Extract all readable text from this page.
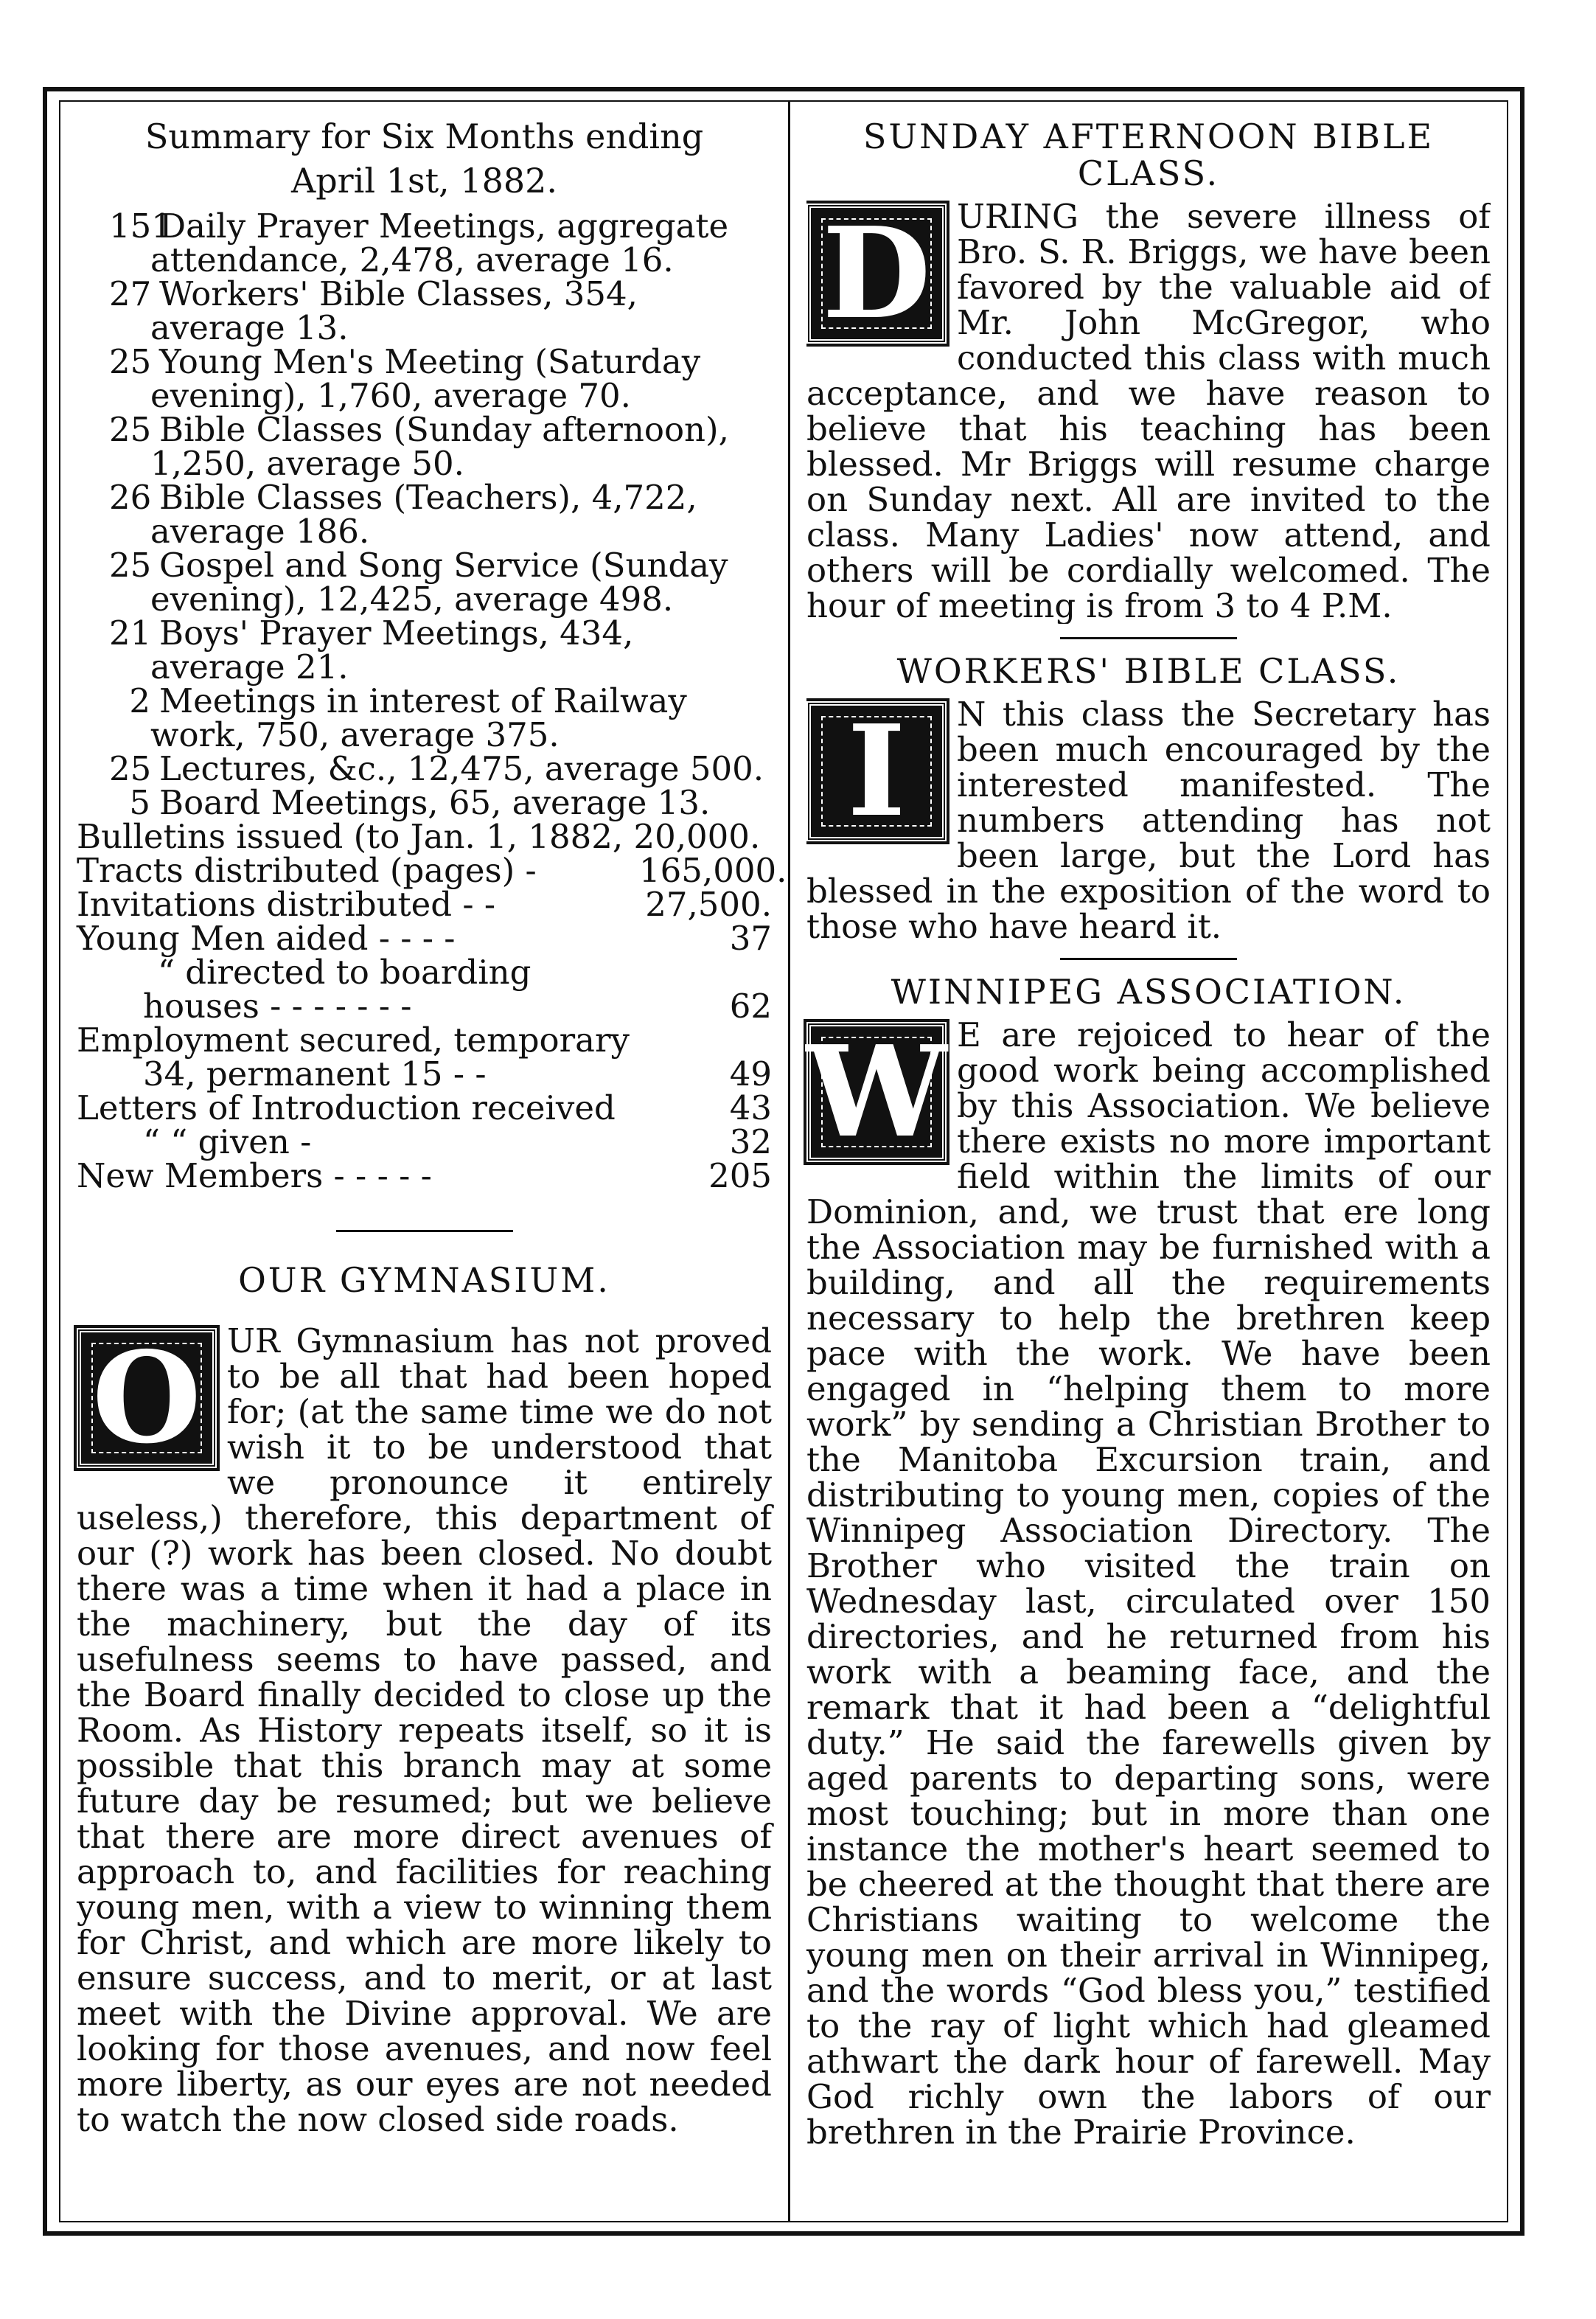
Summary for Six Months ending
April 1st, 1882.
151Daily Prayer Meetings, aggregate attendance, 2,478, average 16.
27 Workers' Bible Classes, 354, average 13.
25 Young Men's Meeting (Saturday evening), 1,760, average 70.
25 Bible Classes (Sunday afternoon), 1,250, average 50.
26 Bible Classes (Teachers), 4,722, average 186.
25 Gospel and Song Service (Sunday evening), 12,425, average 498.
21 Boys' Prayer Meetings, 434, average 21.
2 Meetings in interest of Railway work, 750, average 375.
25 Lectures, &c., 12,475, average 500.
5 Board Meetings, 65, average 13.
Bulletins issued (to Jan. 1, 1882, 20,000.
Tracts distributed (pages) -	165,000.
Invitations distributed - -	27,500.
Young Men aided - - - -	37
“ directed to boarding
houses - - - - - - -	62
Employment secured, temporary
34, permanent 15 - -	49
Letters of Introduction received	43
“ “ given -	32
New Members - - - - -	205
OUR GYMNASIUM.
O UR Gymnasium has not proved to be all that had been hoped for; (at the same time we do not wish it to be understood that we pronounce it entirely useless,) therefore, this department of our (?) work has been closed. No doubt there was a time when it had a place in the machinery, but the day of its usefulness seems to have passed, and the Board finally decided to close up the Room. As History repeats itself, so it is possible that this branch may at some future day be resumed; but we believe that there are more direct avenues of approach to, and facilities for reaching young men, with a view to winning them for Christ, and which are more likely to ensure success, and to merit, or at last meet with the Divine approval. We are looking for those avenues, and now feel more liberty, as our eyes are not needed to watch the now closed side roads.

SUNDAY AFTERNOON BIBLE CLASS.
D URING the severe illness of Bro. S. R. Briggs, we have been favored by the valuable aid of Mr. John McGregor, who conducted this class with much acceptance, and we have reason to believe that his teaching has been blessed. Mr Briggs will resume charge on Sunday next. All are invited to the class. Many Ladies' now attend, and others will be cordially welcomed. The hour of meeting is from 3 to 4 P.M.

WORKERS' BIBLE CLASS.
I	N this class the Secretary has been much encouraged by the interested manifested. The numbers attending has not been large, but the Lord has blessed in the exposition of the word to those who have heard it.

WINNIPEG ASSOCIATION.
W E are rejoiced to hear of the good work being accomplished by this Association. We believe there exists no more important field within the limits of our Dominion, and, we trust that ere long the Association may be furnished with a building, and all the requirements necessary to help the brethren keep pace with the work. We have been engaged in “helping them to more work” by sending a Christian Brother to the Manitoba Excursion train, and distributing to young men, copies of the Winnipeg Association Directory. The Brother who visited the train on Wednesday last, circulated over 150 directories, and he returned from his work with a beaming face, and the remark that it had been a “delightful duty.” He said the farewells given by aged parents to departing sons, were most touching; but in more than one instance the mother's heart seemed to be cheered at the thought that there are Christians waiting to welcome the young men on their arrival in Winnipeg, and the words “God bless you,” testified to the ray of light which had gleamed athwart the dark hour of farewell. May God richly own the labors of our brethren in the Prairie Province.
